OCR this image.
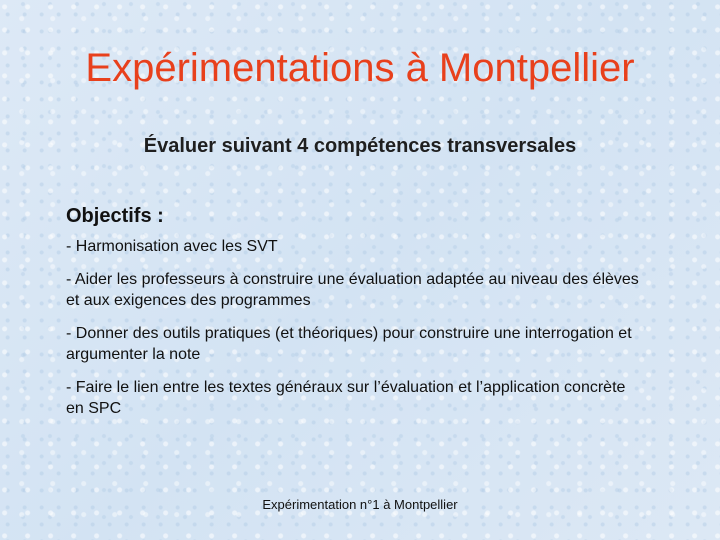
Expérimentations à Montpellier
Évaluer suivant 4 compétences transversales
Objectifs :
- Harmonisation avec les SVT
- Aider les professeurs à construire une évaluation adaptée au niveau des élèves et aux exigences des programmes
- Donner des outils pratiques (et théoriques) pour construire une interrogation et argumenter la note
- Faire le lien entre les textes généraux sur l’évaluation et l’application concrète en SPC
Expérimentation n°1 à Montpellier
